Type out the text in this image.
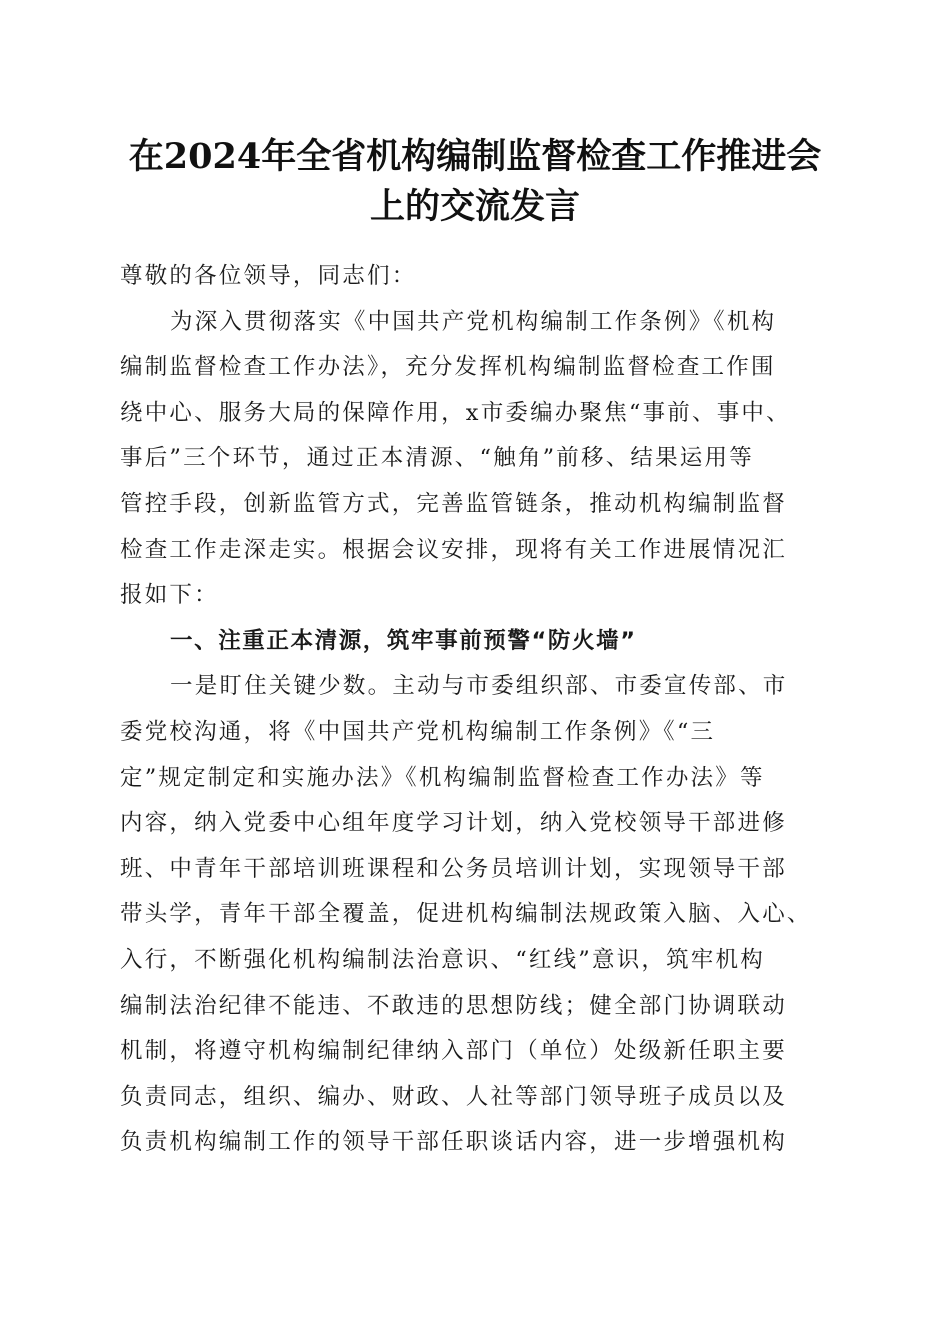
在2024年全省机构编制监督检查工作推进会
上的交流发言
尊敬的各位领导，同志们：
为深入贯彻落实《中国共产党机构编制工作条例》《机构
编制监督检查工作办法》，充分发挥机构编制监督检查工作围
绕中心、服务大局的保障作用，x市委编办聚焦“事前、事中、
事后”三个环节，通过正本清源、“触角”前移、结果运用等
管控手段，创新监管方式，完善监管链条，推动机构编制监督
检查工作走深走实。根据会议安排，现将有关工作进展情况汇
报如下：
一、注重正本清源，筑牢事前预警“防火墙”
一是盯住关键少数。主动与市委组织部、市委宣传部、市
委党校沟通，将《中国共产党机构编制工作条例》《“三
定”规定制定和实施办法》《机构编制监督检查工作办法》等
内容，纳入党委中心组年度学习计划，纳入党校领导干部进修
班、中青年干部培训班课程和公务员培训计划，实现领导干部
带头学，青年干部全覆盖，促进机构编制法规政策入脑、入心、
入行，不断强化机构编制法治意识、“红线”意识，筑牢机构
编制法治纪律不能违、不敢违的思想防线；健全部门协调联动
机制，将遵守机构编制纪律纳入部门（单位）处级新任职主要
负责同志，组织、编办、财政、人社等部门领导班子成员以及
负责机构编制工作的领导干部任职谈话内容，进一步增强机构
